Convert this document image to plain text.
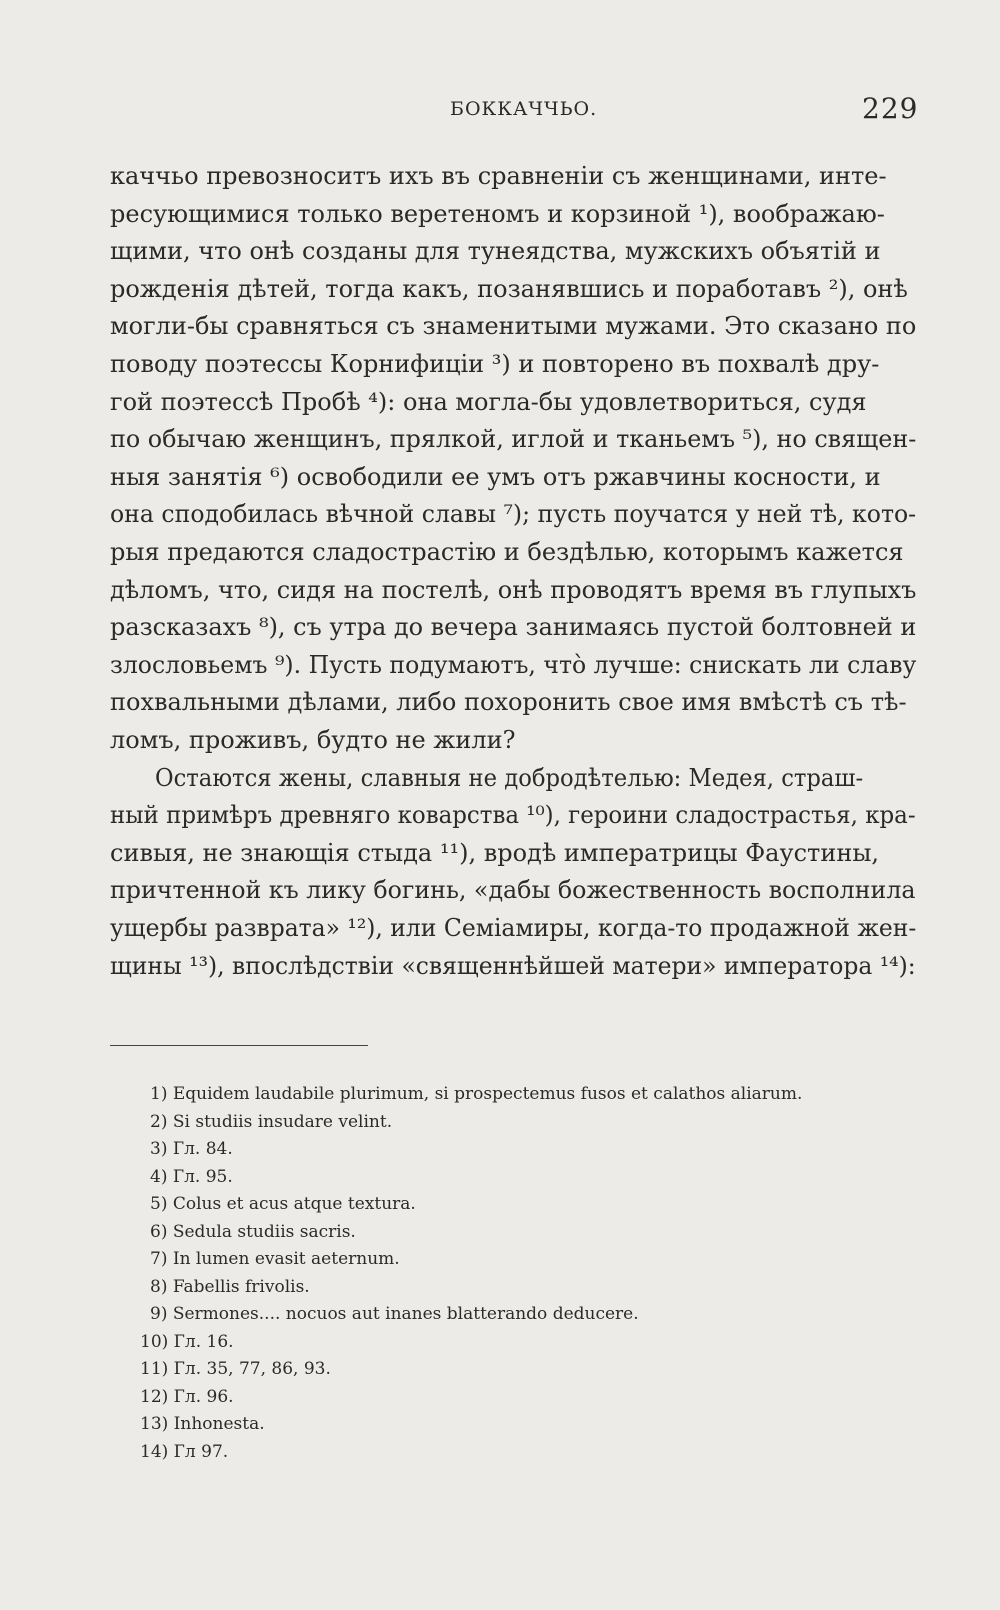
БОККАЧЧЬО.	229
каччьо превозноситъ ихъ въ сравненiи съ женщинами, инте-
ресующимися только веретеномъ и корзиной ¹), воображаю-
щими, что онѣ созданы для тунеядства, мужскихъ объятiй и
рожденiя дѣтей, тогда какъ, позанявшись и поработавъ ²), онѣ
могли-бы сравняться съ знаменитыми мужами. Это сказано по
поводу поэтессы Корнифицiи ³) и повторено въ похвалѣ дру-
гой поэтессѣ Пробѣ ⁴): она могла-бы удовлетвориться, судя
по обычаю женщинъ, прялкой, иглой и тканьемъ ⁵), но священ-
ныя занятiя ⁶) освободили ее умъ отъ ржавчины косности, и
она сподобилась вѣчной славы ⁷); пусть поучатся у ней тѣ, кото-
рыя предаются сладострастiю и бездѣлью, которымъ кажется
дѣломъ, что, сидя на постелѣ, онѣ проводятъ время въ глупыхъ
разсказахъ ⁸), съ утра до вечера занимаясь пустой болтовней и
злословьемъ ⁹). Пусть подумаютъ, что̀ лучше: снискать ли славу
похвальными дѣлами, либо похоронить свое имя вмѣстѣ съ тѣ-
ломъ, проживъ, будто не жили?
Остаются жены, славныя не добродѣтелью: Медея, страш-
ный примѣръ древняго коварства ¹⁰), героини сладострастья, кра-
сивыя, не знающiя стыда ¹¹), вродѣ императрицы Фаустины,
причтенной къ лику богинь, «дабы божественность восполнила
ущербы разврата» ¹²), или Семiамиры, когда-то продажной жен-
щины ¹³), впослѣдствiи «священнѣйшей матери» императора ¹⁴):
1) Equidem laudabile plurimum, si prospectemus fusos et calathos aliarum.
2) Si studiis insudare velint.
3) Гл. 84.
4) Гл. 95.
5) Colus et acus atque textura.
6) Sedula studiis sacris.
7) In lumen evasit aeternum.
8) Fabellis frivolis.
9) Sermones.... nocuos aut inanes blatterando deducere.
10) Гл. 16.
11) Гл. 35, 77, 86, 93.
12) Гл. 96.
13) Inhonesta.
14) Гл 97.
